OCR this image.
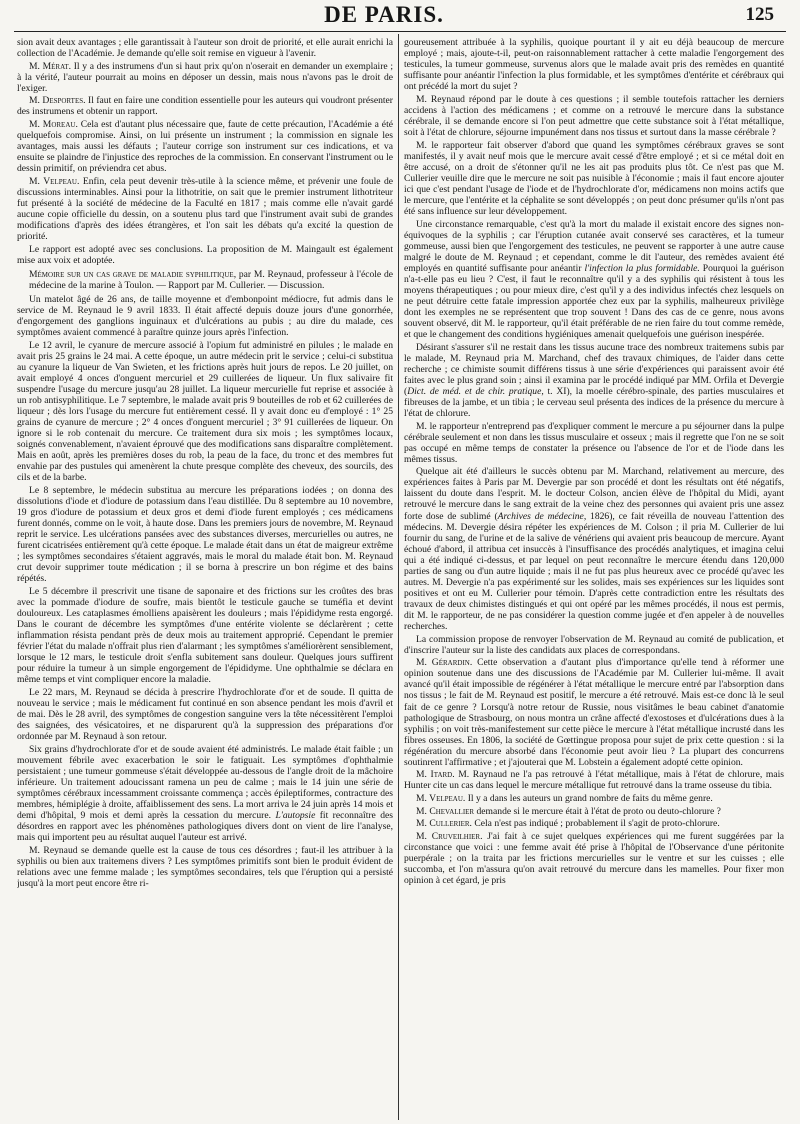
DE PARIS.	125

sion avait deux avantages ; elle garantissait à l'auteur son droit de priorité, et elle aurait enrichi la collection de l'Académie. Je demande qu'elle soit remise en vigueur à l'avenir.

M. Mérat. Il y a des instrumens d'un si haut prix qu'on n'oserait en demander un exemplaire ; à la vérité, l'auteur pourrait au moins en déposer un dessin, mais nous n'avons pas le droit de l'exiger.

M. Desportes. Il faut en faire une condition essentielle pour les auteurs qui voudront présenter des instrumens et obtenir un rapport.

M. Moreau. Cela est d'autant plus nécessaire que, faute de cette précaution, l'Académie a été quelquefois compromise. Ainsi, on lui présente un instrument ; la commission en signale les avantages, mais aussi les défauts ; l'auteur corrige son instrument sur ces indications, et va ensuite se plaindre de l'injustice des reproches de la commission. En conservant l'instrument ou le dessin primitif, on préviendra cet abus.

M. Velpeau. Enfin, cela peut devenir très-utile à la science même, et prévenir une foule de discussions interminables. Ainsi pour la lithotritie, on sait que le premier instrument lithotriteur fut présenté à la société de médecine de la Faculté en 1817 ; mais comme elle n'avait gardé aucune copie officielle du dessin, on a soutenu plus tard que l'instrument avait subi de grandes modifications d'après des idées étrangères, et l'on sait les débats qu'a excité la question de priorité.

Le rapport est adopté avec ses conclusions. La proposition de M. Maingault est également mise aux voix et adoptée.

Mémoire sur un cas grave de maladie syphilitique, par M. Reynaud, professeur à l'école de médecine de la marine à Toulon. — Rapport par M. Cullerier. — Discussion.

Un matelot âgé de 26 ans, de taille moyenne et d'embonpoint médiocre, fut admis dans le service de M. Reynaud le 9 avril 1833. Il était affecté depuis douze jours d'une gonorrhée, d'engorgement des ganglions inguinaux et d'ulcérations au pubis ; au dire du malade, ces symptômes avaient commencé à paraître quinze jours après l'infection.

Le 12 avril, le cyanure de mercure associé à l'opium fut administré en pilules ; le malade en avait pris 25 grains le 24 mai. A cette époque, un autre médecin prit le service ; celui-ci substitua au cyanure la liqueur de Van Swieten, et les frictions après huit jours de repos. Le 20 juillet, on avait employé 4 onces d'onguent mercuriel et 29 cuillerées de liqueur. Un flux salivaire fit suspendre l'usage du mercure jusqu'au 28 juillet. La liqueur mercurielle fut reprise et associée à un rob antisyphilitique. Le 7 septembre, le malade avait pris 9 bouteilles de rob et 62 cuillerées de liqueur ; dès lors l'usage du mercure fut entièrement cessé. Il y avait donc eu d'employé : 1° 25 grains de cyanure de mercure ; 2° 4 onces d'onguent mercuriel ; 3° 91 cuillerées de liqueur. On ignore si le rob contenait du mercure. Ce traitement dura six mois ; les symptômes locaux, soignés convenablement, n'avaient éprouvé que des modifications sans disparaître complètement. Mais en août, après les premières doses du rob, la peau de la face, du tronc et des membres fut envahie par des pustules qui amenèrent la chute presque complète des cheveux, des sourcils, des cils et de la barbe.

Le 8 septembre, le médecin substitua au mercure les préparations iodées ; on donna des dissolutions d'iode et d'iodure de potassium dans l'eau distillée. Du 8 septembre au 10 novembre, 19 gros d'iodure de potassium et deux gros et demi d'iode furent employés ; ces médicamens furent donnés, comme on le voit, à haute dose. Dans les premiers jours de novembre, M. Reynaud reprit le service. Les ulcérations pansées avec des substances diverses, mercurielles ou autres, ne furent cicatrisées entièrement qu'à cette époque. Le malade était dans un état de maigreur extrême ; les symptômes secondaires s'étaient aggravés, mais le moral du malade était bon. M. Reynaud crut devoir supprimer toute médication ; il se borna à prescrire un bon régime et des bains répétés.

Le 5 décembre il prescrivit une tisane de saponaire et des frictions sur les croûtes des bras avec la pommade d'iodure de soufre, mais bientôt le testicule gauche se tuméfia et devint douloureux. Les cataplasmes émolliens apaisèrent les douleurs ; mais l'épididyme resta engorgé. Dans le courant de décembre les symptômes d'une entérite violente se déclarèrent ; cette inflammation résista pendant près de deux mois au traitement approprié. Cependant le premier février l'état du malade n'offrait plus rien d'alarmant ; les symptômes s'améliorèrent sensiblement, lorsque le 12 mars, le testicule droit s'enfla subitement sans douleur. Quelques jours suffirent pour réduire la tumeur à un simple engorgement de l'épididyme. Une ophthalmie se déclara en même temps et vint compliquer encore la maladie.

Le 22 mars, M. Reynaud se décida à prescrire l'hydrochlorate d'or et de soude. Il quitta de nouveau le service ; mais le médicament fut continué en son absence pendant les mois d'avril et de mai. Dès le 28 avril, des symptômes de congestion sanguine vers la tête nécessitèrent l'emploi des saignées, des vésicatoires, et ne disparurent qu'à la suppression des préparations d'or ordonnée par M. Reynaud à son retour.

Six grains d'hydrochlorate d'or et de soude avaient été administrés. Le malade était faible ; un mouvement fébrile avec exacerbation le soir le fatiguait. Les symptômes d'ophthalmie persistaient ; une tumeur gommeuse s'était développée au-dessous de l'angle droit de la mâchoire inférieure. Un traitement adoucissant ramena un peu de calme ; mais le 14 juin une série de symptômes cérébraux incessamment croissante commença ; accès épileptiformes, contracture des membres, hémiplégie à droite, affaiblissement des sens. La mort arriva le 24 juin après 14 mois et demi d'hôpital, 9 mois et demi après la cessation du mercure. L'autopsie fit reconnaître des désordres en rapport avec les phénomènes pathologiques divers dont on vient de lire l'analyse, mais qui importent peu au résultat auquel l'auteur est arrivé.

M. Reynaud se demande quelle est la cause de tous ces désordres ; faut-il les attribuer à la syphilis ou bien aux traitemens divers ? Les symptômes primitifs sont bien le produit évident de relations avec une femme malade ; les symptômes secondaires, tels que l'éruption qui a persisté jusqu'à la mort peut encore être ri-

goureusement attribuée à la syphilis, quoique pourtant il y ait eu déjà beaucoup de mercure employé ; mais, ajoute-t-il, peut-on raisonnablement rattacher à cette maladie l'engorgement des testicules, la tumeur gommeuse, survenus alors que le malade avait pris des remèdes en quantité suffisante pour anéantir l'infection la plus formidable, et les symptômes d'entérite et cérébraux qui ont précédé la mort du sujet ?

M. Reynaud répond par le doute à ces questions ; il semble toutefois rattacher les derniers accidens à l'action des médicamens ; et comme on a retrouvé le mercure dans la substance cérébrale, il se demande encore si l'on peut admettre que cette substance soit à l'état métallique, soit à l'état de chlorure, séjourne impunément dans nos tissus et surtout dans la masse cérébrale ?

M. le rapporteur fait observer d'abord que quand les symptômes cérébraux graves se sont manifestés, il y avait neuf mois que le mercure avait cessé d'être employé ; et si ce métal doit en être accusé, on a droit de s'étonner qu'il ne les ait pas produits plus tôt. Ce n'est pas que M. Cullerier veuille dire que le mercure ne soit pas nuisible à l'économie ; mais il faut encore ajouter ici que c'est pendant l'usage de l'iode et de l'hydrochlorate d'or, médicamens non moins actifs que le mercure, que l'entérite et la céphalite se sont développés ; on peut donc présumer qu'ils n'ont pas été sans influence sur leur développement.

Une circonstance remarquable, c'est qu'à la mort du malade il existait encore des signes non-équivoques de la syphilis ; car l'éruption cutanée avait conservé ses caractères, et la tumeur gommeuse, aussi bien que l'engorgement des testicules, ne peuvent se rapporter à une autre cause malgré le doute de M. Reynaud ; et cependant, comme le dit l'auteur, des remèdes avaient été employés en quantité suffisante pour anéantir l'infection la plus formidable. Pourquoi la guérison n'a-t-elle pas eu lieu ? C'est, il faut le reconnaître qu'il y a des syphilis qui résistent à tous les moyens thérapeutiques ; ou pour mieux dire, c'est qu'il y a des individus infectés chez lesquels on ne peut détruire cette fatale impression apportée chez eux par la syphilis, malheureux privilège dont les exemples ne se représentent que trop souvent ! Dans des cas de ce genre, nous avons souvent observé, dit M. le rapporteur, qu'il était préférable de ne rien faire du tout comme remède, et que le changement des conditions hygiéniques amenait quelquefois une guérison inespérée.

Désirant s'assurer s'il ne restait dans les tissus aucune trace des nombreux traitemens subis par le malade, M. Reynaud pria M. Marchand, chef des travaux chimiques, de l'aider dans cette recherche ; ce chimiste soumit différens tissus à une série d'expériences qui paraissent avoir été faites avec le plus grand soin ; ainsi il examina par le procédé indiqué par MM. Orfila et Devergie (Dict. de méd. et de chir. pratique, t. XI), la moelle cérébro-spinale, des parties musculaires et fibreuses de la jambe, et un tibia ; le cerveau seul présenta des indices de la présence du mercure à l'état de chlorure.

M. le rapporteur n'entreprend pas d'expliquer comment le mercure a pu séjourner dans la pulpe cérébrale seulement et non dans les tissus musculaire et osseux ; mais il regrette que l'on ne se soit pas occupé en même temps de constater la présence ou l'absence de l'or et de l'iode dans les mêmes tissus.

Quelque ait été d'ailleurs le succès obtenu par M. Marchand, relativement au mercure, des expériences faites à Paris par M. Devergie par son procédé et dont les résultats ont été négatifs, laissent du doute dans l'esprit. M. le docteur Colson, ancien élève de l'hôpital du Midi, ayant retrouvé le mercure dans le sang extrait de la veine chez des personnes qui avaient pris une assez forte dose de sublimé (Archives de médecine, 1826), ce fait réveilla de nouveau l'attention des médecins. M. Devergie désira répéter les expériences de M. Colson ; il pria M. Cullerier de lui fournir du sang, de l'urine et de la salive de vénériens qui avaient pris beaucoup de mercure. Ayant échoué d'abord, il attribua cet insuccès à l'insuffisance des procédés analytiques, et imagina celui qui a été indiqué ci-dessus, et par lequel on peut reconnaître le mercure étendu dans 120,000 parties de sang ou d'un autre liquide ; mais il ne fut pas plus heureux avec ce procédé qu'avec les autres. M. Devergie n'a pas expérimenté sur les solides, mais ses expériences sur les liquides sont positives et ont eu M. Cullerier pour témoin. D'après cette contradiction entre les résultats des travaux de deux chimistes distingués et qui ont opéré par les mêmes procédés, il nous est permis, dit M. le rapporteur, de ne pas considérer la question comme jugée et d'en appeler à de nouvelles recherches.

La commission propose de renvoyer l'observation de M. Reynaud au comité de publication, et d'inscrire l'auteur sur la liste des candidats aux places de correspondans.

M. Gérardin. Cette observation a d'autant plus d'importance qu'elle tend à réformer une opinion soutenue dans une des discussions de l'Académie par M. Cullerier lui-même. Il avait avancé qu'il était impossible de régénérer à l'état métallique le mercure entré par l'absorption dans nos tissus ; le fait de M. Reynaud est positif, le mercure a été retrouvé. Mais est-ce donc là le seul fait de ce genre ? Lorsqu'à notre retour de Russie, nous visitâmes le beau cabinet d'anatomie pathologique de Strasbourg, on nous montra un crâne affecté d'exostoses et d'ulcérations dues à la syphilis ; on voit très-manifestement sur cette pièce le mercure à l'état métallique incrusté dans les fibres osseuses. En 1806, la société de Gœttingue proposa pour sujet de prix cette question : si la régénération du mercure absorbé dans l'économie peut avoir lieu ? La plupart des concurrens soutinrent l'affirmative ; et j'ajouterai que M. Lobstein a également adopté cette opinion.

M. Itard. M. Raynaud ne l'a pas retrouvé à l'état métallique, mais à l'état de chlorure, mais Hunter cite un cas dans lequel le mercure métallique fut retrouvé dans la trame osseuse du tibia.

M. Velpeau. Il y a dans les auteurs un grand nombre de faits du même genre.

M. Chevallier demande si le mercure était à l'état de proto ou deuto-chlorure ?

M. Cullerier. Cela n'est pas indiqué ; probablement il s'agit de proto-chlorure.

M. Cruveilhier. J'ai fait à ce sujet quelques expériences qui me furent suggérées par la circonstance que voici : une femme avait été prise à l'hôpital de l'Observance d'une péritonite puerpérale ; on la traita par les frictions mercurielles sur le ventre et sur les cuisses ; elle succomba, et l'on m'assura qu'on avait retrouvé du mercure dans les mamelles. Pour fixer mon opinion à cet égard, je pris
